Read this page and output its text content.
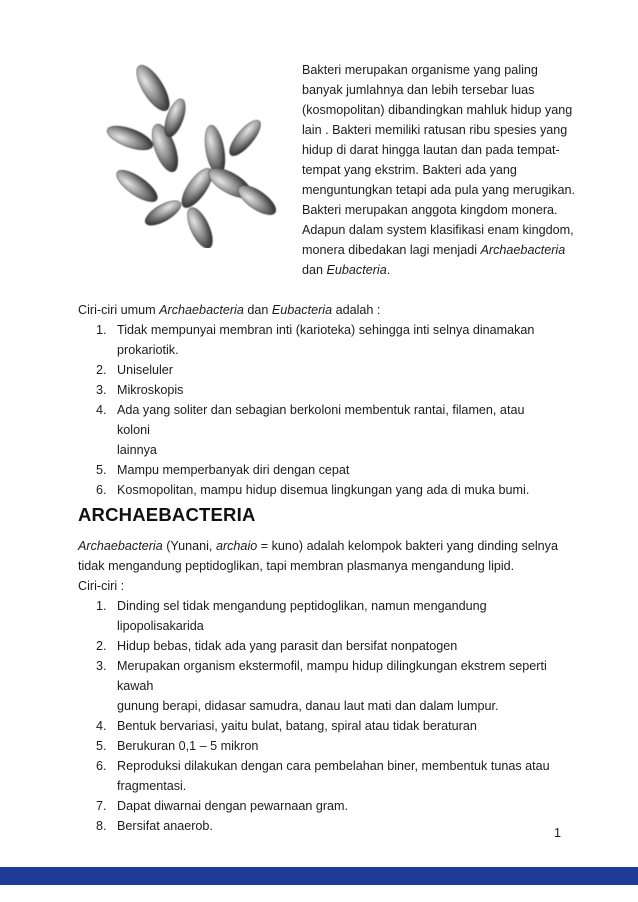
Bakteri merupakan organisme yang paling banyak jumlahnya dan lebih tersebar luas (kosmopolitan) dibandingkan mahluk hidup yang lain . Bakteri memiliki ratusan ribu spesies yang hidup di darat hingga lautan dan pada tempat-tempat yang ekstrim. Bakteri ada yang menguntungkan tetapi ada pula yang merugikan. Bakteri merupakan anggota kingdom monera. Adapun dalam system klasifikasi enam kingdom, monera dibedakan lagi menjadi Archaebacteria dan Eubacteria.
Ciri-ciri umum Archaebacteria dan Eubacteria adalah :
1. Tidak mempunyai membran inti (karioteka) sehingga inti selnya dinamakan
prokariotik.
2. Uniseluler
3. Mikroskopis
4. Ada yang soliter dan sebagian berkoloni membentuk rantai, filamen, atau koloni
lainnya
5. Mampu memperbanyak diri dengan cepat
6. Kosmopolitan, mampu hidup disemua lingkungan yang ada di muka bumi.
ARCHAEBACTERIA
Archaebacteria (Yunani, archaio = kuno) adalah kelompok bakteri yang dinding selnya tidak mengandung peptidoglikan, tapi membran plasmanya mengandung lipid.
Ciri-ciri :
1. Dinding sel tidak mengandung peptidoglikan, namun mengandung lipopolisakarida
2. Hidup bebas, tidak ada yang parasit dan bersifat nonpatogen
3. Merupakan organism ekstermofil, mampu hidup dilingkungan ekstrem seperti kawah
gunung berapi, didasar samudra, danau laut mati dan dalam lumpur.
4. Bentuk bervariasi, yaitu bulat, batang, spiral atau tidak beraturan
5. Berukuran 0,1 – 5 mikron
6. Reproduksi dilakukan dengan cara pembelahan biner, membentuk tunas atau
fragmentasi.
7. Dapat diwarnai dengan pewarnaan gram.
8. Bersifat anaerob.	1
